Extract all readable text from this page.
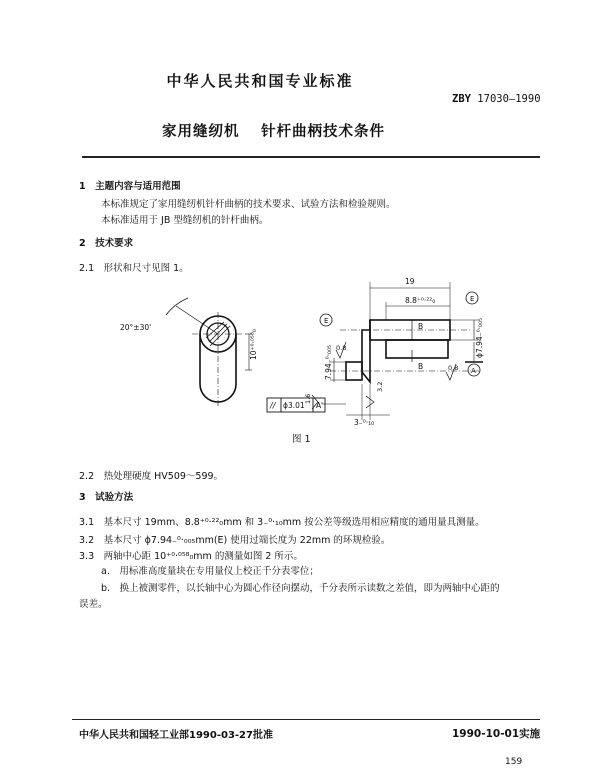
中华人民共和国专业标准
ZBY 17030—1990
家用缝纫机　 针杆曲柄技术条件
1　主题内容与适用范围
本标准规定了家用缝纫机针杆曲柄的技术要求、试验方法和检验规则。
本标准适用于 JB 型缝纫机的针杆曲柄。
2　技术要求
2.1　形状和尺寸见图 1。
20°±30'
10⁺⁰·⁰⁵⁸₀
19
8.8⁺⁰·²²₀
ϕ7.94₋⁰·₀₀₅
E
E
7.94₋⁰·₀₀₅	A
B
B
0.8
0.8
1.6
3.2
3₋⁰·₁₀
// ϕ3.01 A
图 1
2.2　热处理硬度 HV509～599。
3　试验方法
3.1　基本尺寸 19mm、8.8⁺⁰·²²₀mm 和 3₋⁰·₁₀mm 按公差等级选用相应精度的通用量具测量。
3.2　基本尺寸 ϕ7.94₋⁰·₀₀₅mm(E) 使用过端长度为 22mm 的环规检验。
3.3　两轴中心距 10⁺⁰·⁰⁵⁸₀mm 的测量如图 2 所示。
a.　用标准高度量块在专用量仪上校正千分表零位；
b.　换上被测零件，以长轴中心为圆心作径向摆动，千分表所示读数之差值，即为两轴中心距的
误差。
中华人民共和国轻工业部1990-03-27批准	1990-10-01实施
159
